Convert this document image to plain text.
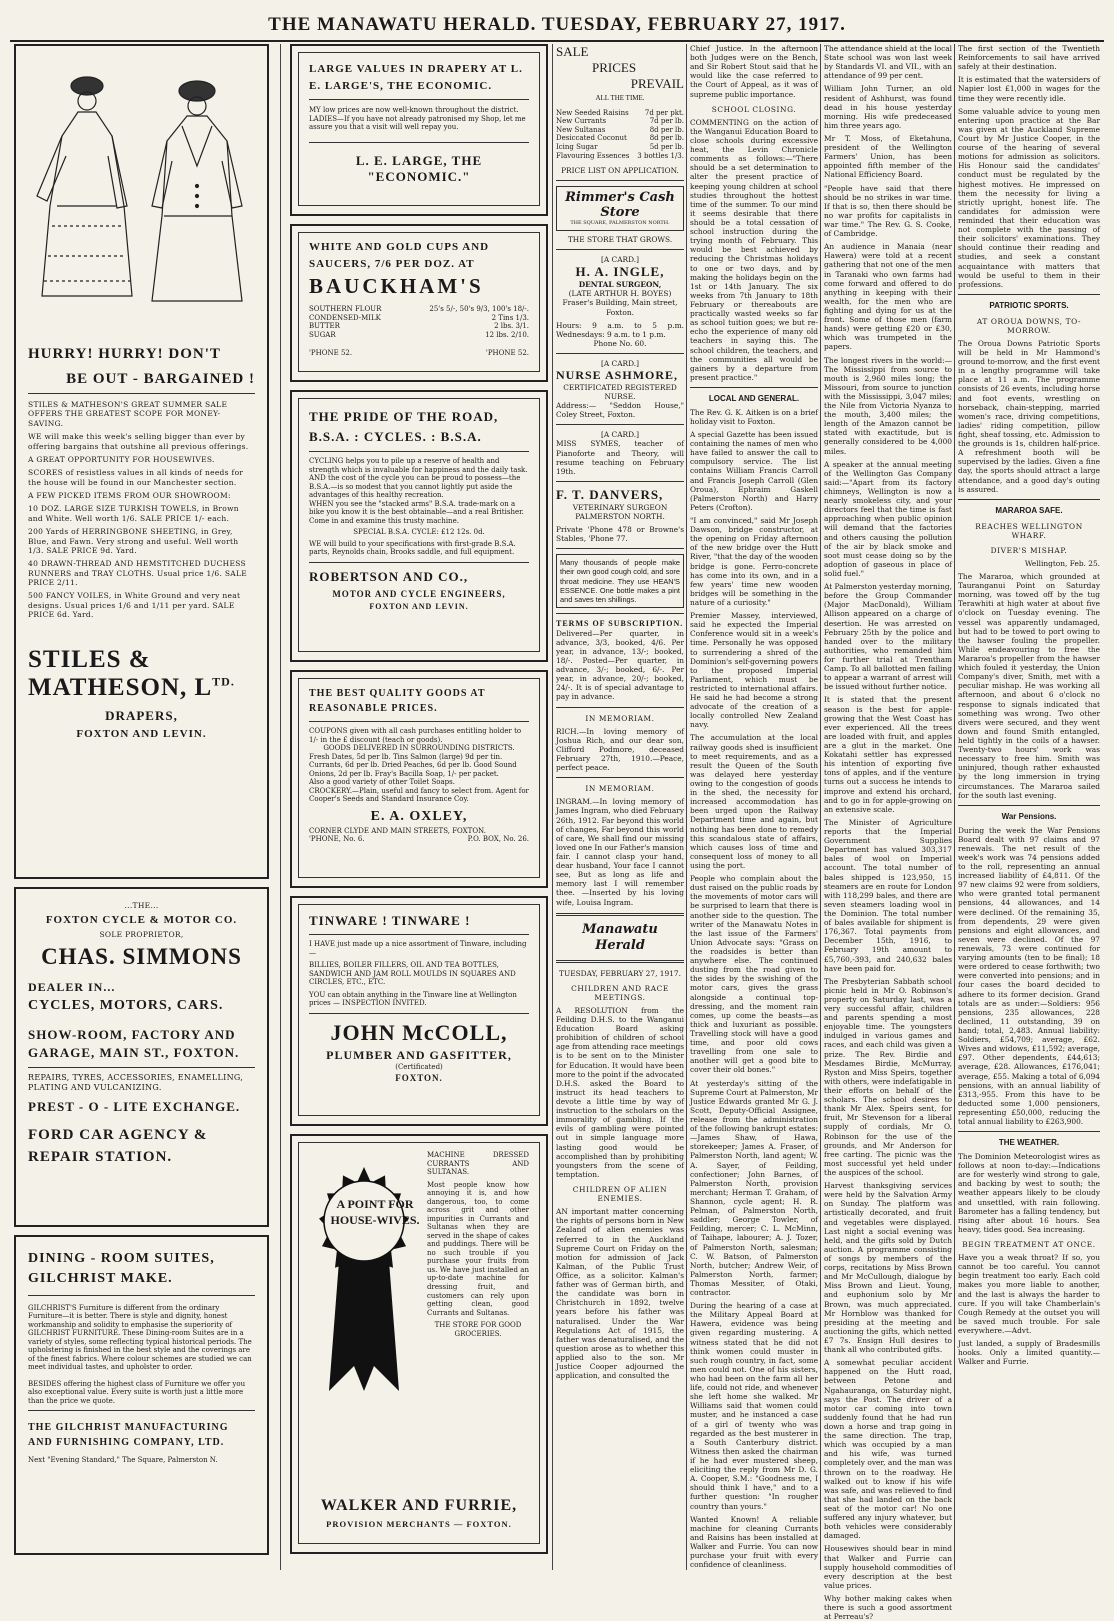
THE MANAWATU HERALD. TUESDAY, FEBRUARY 27, 1917.
HURRY! HURRY! DON'T
BE OUT - BARGAINED !

STILES & MATHESON'S GREAT SUMMER SALE OFFERS THE GREATEST SCOPE FOR MONEY-SAVING.

WE will make this week's selling bigger than ever by offering bargains that outshine all previous offerings.

A GREAT OPPORTUNITY FOR HOUSEWIVES.

SCORES of resistless values in all kinds of needs for the house will be found in our Manchester section.

A FEW PICKED ITEMS FROM OUR SHOWROOM:

10 DOZ. LARGE SIZE TURKISH TOWELS, in Brown and White. Well worth 1/6. SALE PRICE 1/- each.

200 Yards of HERRINGBONE SHEETING, in Grey, Blue, and Fawn. Very strong and useful. Well worth 1/3. SALE PRICE 9d. Yard.

40 DRAWN-THREAD AND HEMSTITCHED DUCHESS RUNNERS and TRAY CLOTHS. Usual price 1/6. SALE PRICE 2/11.

500 FANCY VOILES, in White Ground and very neat designs. Usual prices 1/6 and 1/11 per yard. SALE PRICE 6d. Yard.

STILES &
MATHESON, $L^{TD.}$
DRAPERS,
FOXTON AND LEVIN.
...THE...
FOXTON CYCLE & MOTOR CO.
SOLE PROPRIETOR,
CHAS. SIMMONS
DEALER IN...
CYCLES, MOTORS, CARS.
SHOW-ROOM, FACTORY AND GARAGE, MAIN ST., FOXTON.
REPAIRS, TYRES, ACCESSORIES, ENAMELLING, PLATING AND VULCANIZING.
PREST - O - LITE EXCHANGE.
FORD CAR AGENCY & REPAIR STATION.
DINING - ROOM SUITES, GILCHRIST MAKE.
GILCHRIST'S Furniture is different from the ordinary Furniture—it is better. There is style and dignity, honest workmanship and solidity to emphasise the superiority of GILCHRIST FURNITURE. These Dining-room Suites are in a variety of styles, some reflecting typical historical periods. The upholstering is finished in the best style and the coverings are of the finest fabrics. Where colour schemes are studied we can meet individual tastes, and upholster to order.
BESIDES offering the highest class of Furniture we offer you also exceptional value. Every suite is worth just a little more than the price we quote.
THE GILCHRIST MANUFACTURING AND FURNISHING COMPANY, LTD.
Next "Evening Standard," The Square, Palmerston N.
LARGE VALUES IN DRAPERY AT L. E. LARGE'S, THE ECONOMIC.
MY low prices are now well-known throughout the district. LADIES—If you have not already patronised my Shop, let me assure you that a visit will well repay you.
L. E. LARGE, THE "ECONOMIC."
WHITE AND GOLD CUPS AND SAUCERS, 7/6 PER DOZ. AT
BAUCKHAM'S
SOUTHERN FLOUR	25's 5/-, 50's 9/3, 100's 18/-.
CONDENSED-MILK	2 Tins 1/3.
BUTTER	2 lbs. 3/1.
SUGAR	12 lbs. 2/10.
'PHONE 52.	'PHONE 52.
THE PRIDE OF THE ROAD, B.S.A. : CYCLES. : B.S.A.
CYCLING helps you to pile up a reserve of health and strength which is invaluable for happiness and the daily task.
AND the cost of the cycle you can be proud to possess—the B.S.A.—is so modest that you cannot lightly put aside the advantages of this healthy recreation.
WHEN you see the "stacked arms" B.S.A. trade-mark on a bike you know it is the best obtainable—and a real Britisher. Come in and examine this trusty machine.
SPECIAL B.S.A. CYCLE: £12 12s. 0d.
WE will build to your specifications with first-grade B.S.A. parts, Reynolds chain, Brooks saddle, and full equipment.
ROBERTSON AND CO.,
MOTOR AND CYCLE ENGINEERS,
FOXTON AND LEVIN.
THE BEST QUALITY GOODS AT REASONABLE PRICES.
COUPONS given with all cash purchases entitling holder to 1/- in the £ discount (teach or goods).
GOODS DELIVERED IN SURROUNDING DISTRICTS.
Fresh Dates, 5d per lb. Tins Salmon (large) 9d per tin. Currants, 6d per lb. Dried Peaches, 6d per lb. Good Sound Onions, 2d per lb. Fray's Bacilla Soap, 1/- per packet.
Also a good variety of other Toilet Soaps.
CROCKERY.—Plain, useful and fancy to select from. Agent for Cooper's Seeds and Standard Insurance Coy.
E. A. OXLEY,
CORNER CLYDE AND MAIN STREETS, FOXTON.
'PHONE, No. 6.	P.O. BOX, No. 26.
TINWARE ! TINWARE !
I HAVE just made up a nice assortment of Tinware, including—
BILLIES, BOILER FILLERS, OIL AND TEA BOTTLES, SANDWICH AND JAM ROLL MOULDS IN SQUARES AND CIRCLES, ETC., ETC.
YOU can obtain anything in the Tinware line at Wellington prices — INSPECTION INVITED.
JOHN McCOLL,
PLUMBER AND GASFITTER,
(Certificated)
FOXTON.

MACHINE DRESSED CURRANTS AND SULTANAS.

Most people know how annoying it is, and how dangerous, too, to come across grit and other impurities in Currants and Sultanas when they are served in the shape of cakes and puddings. There will be no such trouble if you purchase your fruits from us. We have just installed an up-to-date machine for dressing fruit, and customers can rely upon getting clean, good Currants and Sultanas.

THE STORE FOR GOOD GROCERIES.

A POINT FOR HOUSE-WIVES.
WALKER AND FURRIE,
PROVISION MERCHANTS — FOXTON.
SALE
PRICES
PREVAIL
ALL THE TIME.
New Seeded Raisins 7d per pkt.
New Currants	7d per lb.
New Sultanas	8d per lb.
Desiccated Coconut	8d per lb.
Icing Sugar	5d per lb.
Flavouring Essences 3 bottles 1/3.
PRICE LIST ON APPLICATION.
Rimmer's Cash Store
THE SQUARE, PALMERSTON NORTH.
THE STORE THAT GROWS.
[A CARD.]
H. A. INGLE,
DENTAL SURGEON,
(LATE ARTHUR H. BOYES)
Fraser's Building, Main street, Foxton.
Hours: 9 a.m. to 5 p.m. Wednesdays: 9 a.m. to 1 p.m.
Phone No. 60.
[A CARD.]
NURSE ASHMORE,
CERTIFICATED REGISTERED NURSE.
Address:— "Seddon House," Coley Street, Foxton.
[A CARD.]
MISS SYMES, teacher of Pianoforte and Theory, will resume teaching on February 19th.
F. T. DANVERS,
VETERINARY SURGEON
PALMERSTON NORTH.
Private 'Phone 478 or Browne's Stables, 'Phone 77.
Many thousands of people make their own good cough cold, and sore throat medicine. They use HEAN'S ESSENCE. One bottle makes a pint and saves ten shillings.
TERMS OF SUBSCRIPTION.
Delivered—Per quarter, in advance, 3/3, booked, 4/6. Per year, in advance, 13/-; booked, 18/-. Posted—Per quarter, in advance, 3/-; booked, 6/-. Per year, in advance, 20/-; booked, 24/-. It is of special advantage to pay in advance.
IN MEMORIAM.
RICH.—In loving memory of Joshua Rich, and our dear son, Clifford Podmore, deceased February 27th, 1910.—Peace, perfect peace.
IN MEMORIAM.
INGRAM.—In loving memory of James Ingram, who died February 26th, 1912. Far beyond this world of changes, Far beyond this world of care, We shall find our missing loved one In our Father's mansion fair. I cannot clasp your hand, dear husband, Your face I cannot see, But as long as life and memory last I will remember thee. —Inserted by his loving wife, Louisa Ingram.
Manawatu Herald
TUESDAY, FEBRUARY 27, 1917.
CHILDREN AND RACE MEETINGS.
A RESOLUTION from the Feilding D.H.S. to the Wanganui Education Board asking prohibition of children of school age from attending race meetings is to be sent on to the Minister for Education. It would have been more to the point if the advocated D.H.S. asked the Board to instruct its head teachers to devote a little time by way of instruction to the scholars on the immorality of gambling. If the evils of gambling were pointed out in simple language more lasting good would be accomplished than by prohibiting youngsters from the scene of temptation.
CHILDREN OF ALIEN ENEMIES.
AN important matter concerning the rights of persons born in New Zealand of alien enemies was referred to in the Auckland Supreme Court on Friday on the motion for admission of Jack Kalman, of the Public Trust Office, as a solicitor. Kalman's father was of German birth, and the candidate was born in Christchurch in 1892, twelve years before his father was naturalised. Under the War Regulations Act of 1915, the father was denaturalised, and the question arose as to whether this applied also to the son. Mr Justice Cooper adjourned the application, and consulted the

Chief Justice. In the afternoon both Judges were on the Bench, and Sir Robert Stout said that he would like the case referred to the Court of Appeal, as it was of supreme public importance.

SCHOOL CLOSING.

COMMENTING on the action of the Wanganui Education Board to close schools during excessive heat, the Levin Chronicle comments as follows:—"There should be a set determination to alter the present practice of keeping young children at school studies throughout the hottest time of the summer. To our mind it seems desirable that there should be a total cessation of school instruction during the trying month of February. This would be best achieved by reducing the Christmas holidays to one or two days, and by making the holidays begin on the 1st or 14th January. The six weeks from 7th January to 18th February or thereabouts are practically wasted weeks so far as school tuition goes; we but re-echo the experience of many old teachers in saying this. The school children, the teachers, and the communities all would be gainers by a departure from present practice."

LOCAL AND GENERAL.

The Rev. G. K. Aitken is on a brief holiday visit to Foxton.

A special Gazette has been issued containing the names of men who have failed to answer the call to compulsory service. The list contains William Francis Carroll and Francis Joseph Carroll (Glen Oroua), Ephraim Gaskell (Palmerston North) and Harry Peters (Crofton).

"I am convinced," said Mr Joseph Dawson, bridge constructor, at the opening on Friday afternoon of the new bridge over the Hutt River, "that the day of the wooden bridge is gone. Ferro-concrete has come into its own, and in a few years' time new wooden bridges will be something in the nature of a curiosity."

Premier Massey, interviewed, said he expected the Imperial Conference would sit in a week's time. Personally he was opposed to surrendering a shred of the Dominion's self-governing powers to the proposed Imperial Parliament, which must be restricted to international affairs. He said he had become a strong advocate of the creation of a locally controlled New Zealand navy.

The accumulation at the local railway goods shed is insufficient to meet requirements, and as a result the Queen of the South was delayed here yesterday owing to the congestion of goods in the shed, the necessity for increased accommodation has been urged upon the Railway Department time and again, but nothing has been done to remedy this scandalous state of affairs, which causes loss of time and consequent loss of money to all using the port.

People who complain about the dust raised on the public roads by the movements of motor cars will be surprised to learn that there is another side to the question. The writer of the Manawatu Notes in the last issue of the Farmers' Union Advocate says: "Grass on the roadsides is better than anywhere else. The continued dusting from the road given to the sides by the swishing of the motor cars, gives the grass alongside a continual top-dressing, and the moment rain comes, up come the beasts—as thick and luxuriant as possible. Travelling stock will have a good time, and poor old cows travelling from one sale to another will get a good bite to cover their old bones."

At yesterday's sitting of the Supreme Court at Palmerston, Mr Justice Edwards granted Mr G. J. Scott, Deputy-Official Assignee, release from the administration of the following bankrupt estates:—James Shaw, of Hawa, storekeeper; James A. Fraser, of Palmerston North, land agent; W. A. Sayer, of Feilding, confectioner; John Barnes, of Palmerston North, provision merchant; Herman T. Graham, of Shannon, cycle agent; H. R. Pelman, of Palmerston North, saddler; George Towler, of Feilding, mercer; C. L. McMinn, of Taihape, labourer; A. J. Tozer, of Palmerston North, salesman; C. W. Batson, of Palmerston North, butcher; Andrew Weir, of Palmerston North, farmer; Thomas Messiter, of Otaki, contractor.

During the hearing of a case at the Military Appeal Board at Hawera, evidence was being given regarding mustering. A witness stated that he did not think women could muster in such rough country, in fact, some men could not. One of his sisters, who had been on the farm all her life, could not ride, and whenever she left home she walked. Mr Williams said that women could muster, and he instanced a case of a girl of twenty who was regarded as the best musterer in a South Canterbury district. Witness then asked the chairman if he had ever mustered sheep, eliciting the reply from Mr D. G. A. Cooper, S.M.: "Goodness me, I should think I have," and to a further question: "In rougher country than yours."

Wanted Known! A reliable machine for cleaning Currants and Raisins has been installed at Walker and Furrie. You can now purchase your fruit with every confidence of cleanliness.

The attendance shield at the local State school was won last week by Standards VI. and VII., with an attendance of 99 per cent.

William John Turner, an old resident of Ashhurst, was found dead in his house yesterday morning. His wife predeceased him three years ago.

Mr T. Moss, of Eketahuna, president of the Wellington Farmers' Union, has been appointed fifth member of the National Efficiency Board.

"People have said that there should be no strikes in war time. If that is so, then there should be no war profits for capitalists in war time." The Rev. G. S. Cooke, of Cambridge.

An audience in Manaia (near Hawera) were told at a recent gathering that not one of the men in Taranaki who own farms had come forward and offered to do anything in keeping with their wealth, for the men who are fighting and dying for us at the front. Some of those men (farm hands) were getting £20 or £30, which was trumpeted in the papers.

The longest rivers in the world:—The Mississippi from source to mouth is 2,960 miles long; the Missouri, from source to junction with the Mississippi, 3,047 miles; the Nile from Victoria Nyanza to the mouth, 3,400 miles; the length of the Amazon cannot be stated with exactitude, but is generally considered to be 4,000 miles.

A speaker at the annual meeting of the Wellington Gas Company said:—"Apart from its factory chimneys, Wellington is now a nearly smokeless city, and your directors feel that the time is fast approaching when public opinion will demand that the factories and others causing the pollution of the air by black smoke and soot must cease doing so by the adoption of gaseous in place of solid fuel."

At Palmerston yesterday morning, before the Group Commander (Major MacDonald), William Allison appeared on a charge of desertion. He was arrested on February 25th by the police and handed over to the military authorities, who remanded him for further trial at Trentham Camp. To all ballotted men failing to appear a warrant of arrest will be issued without further notice.

It is stated that the present season is the best for apple-growing that the West Coast has ever experienced. All the trees are loaded with fruit, and apples are a glut in the market. One Kokatahi settler has expressed his intention of exporting five tons of apples, and if the venture turns out a success he intends to improve and extend his orchard, and to go in for apple-growing on an extensive scale.

The Minister of Agriculture reports that the Imperial Government Supplies Department has valued 303,317 bales of wool on Imperial account. The total number of bales shipped is 123,950, 15 steamers are en route for London with 118,299 bales, and there are seven steamers loading wool in the Dominion. The total number of bales available for shipment is 176,367. Total payments from December 15th, 1916, to February 19th amount to £5,760,-393, and 240,632 bales have been paid for.

The Presbyterian Sabbath school picnic held in Mr O. Robinson's property on Saturday last, was a very successful affair, children and parents spending a most enjoyable time. The youngsters indulged in various games and races, and each child was given a prize. The Rev. Birdie and Mesdames Birdie, McMurray, Ryston and Miss Speirs, together with others, were indefatigable in their efforts on behalf of the scholars. The school desires to thank Mr Alex. Speirs sent, for fruit, Mr Stevenson for a liberal supply of cordials, Mr O. Robinson for the use of the grounds, and Mr Anderson for free carting. The picnic was the most successful yet held under the auspices of the school.

Harvest thanksgiving services were held by the Salvation Army on Sunday. The platform was artistically decorated, and fruit and vegetables were displayed. Last night a social evening was held, and the gifts sold by Dutch auction. A programme consisting of songs by members of the corps, recitations by Miss Brown and Mr McCullough, dialogue by Miss Brown and Lieut. Young, and euphonium solo by Mr Brown, was much appreciated. Mr Hornblow was thanked for presiding at the meeting and auctioning the gifts, which netted £7 7s. Ensign Hull desires to thank all who contributed gifts.

A somewhat peculiar accident happened on the Hutt road, between Petone and Ngahauranga, on Saturday night, says the Post. The driver of a motor car coming into town suddenly found that he had run down a horse and trap going in the same direction. The trap, which was occupied by a man and his wife, was turned completely over, and the man was thrown on to the roadway. He walked out to know if his wife was safe, and was relieved to find that she had landed on the back seat of the motor car! No one suffered any injury whatever, but both vehicles were considerably damaged.

Housewives should bear in mind that Walker and Furrie can supply household commodities of every description at the best value prices.

Why bother making cakes when there is such a good assortment at Perreau's?

The first section of the Twentieth Reinforcements to sail have arrived safely at their destination.

It is estimated that the watersiders of Napier lost £1,000 in wages for the time they were recently idle.

Some valuable advice to young men entering upon practice at the Bar was given at the Auckland Supreme Court by Mr Justice Cooper, in the course of the hearing of several motions for admission as solicitors. His Honour said the candidates' conduct must be regulated by the highest motives. He impressed on them the necessity for living a strictly upright, honest life. The candidates for admission were reminded that their education was not complete with the passing of their solicitors' examinations. They should continue their reading and studies, and seek a constant acquaintance with matters that would be useful to them in their professions.

PATRIOTIC SPORTS.
AT OROUA DOWNS, TO-MORROW.

The Oroua Downs Patriotic Sports will be held in Mr Hammond's ground to-morrow, and the first event in a lengthy programme will take place at 11 a.m. The programme consists of 26 events, including horse and foot events, wrestling on horseback, chain-stepping, married women's race, driving competitions, ladies' riding competition, pillow fight, sheaf tossing, etc. Admission to the grounds is 1s, children half-price. A refreshment booth will be supervised by the ladies. Given a fine day, the sports should attract a large attendance, and a good day's outing is assured.

MARAROA SAFE.
REACHES WELLINGTON WHARF.
DIVER'S MISHAP.

Wellington, Feb. 25.

The Mararoa, which grounded at Tauranganui Point on Saturday morning, was towed off by the tug Terawhiti at high water at about five o'clock on Tuesday evening. The vessel was apparently undamaged, but had to be towed to port owing to the hawser fouling the propeller. While endeavouring to free the Mararoa's propeller from the hawser which fouled it yesterday, the Union Company's diver, Smith, met with a peculiar mishap. He was working all afternoon, and about 6 o'clock no response to signals indicated that something was wrong. Two other divers were secured, and they went down and found Smith entangled, held tightly in the coils of a hawser. Twenty-two hours' work was necessary to free him. Smith was uninjured, though rather exhausted by the long immersion in trying circumstances. The Mararoa sailed for the south last evening.

War Pensions.

During the week the War Pensions Board dealt with 97 claims and 97 renewals. The net result of the week's work was 74 pensions added to the roll, representing an annual increased liability of £4,811. Of the 97 new claims 92 were from soldiers, who were granted total permanent pensions, 44 allowances, and 14 were declined. Of the remaining 35, from dependents, 29 were given pensions and eight allowances, and seven were declined. Of the 97 renewals, 73 were continued for varying amounts (ten to be final); 18 were ordered to cease forthwith; two were converted into pensions; and in four cases the board decided to adhere to its former decision. Grand totals are as under:—Soldiers: 956 pensions, 235 allowances, 228 declined, 11 outstanding, 39 on hand; total, 2,483. Annual liability: Soldiers, £54,709; average, £62. Wives and widows, £11,592; average, £97. Other dependents, £44,613; average, £28. Allowances, £176,041; average, £55. Making a total of 6,094 pensions, with an annual liability of £313,-955. From this have to be deducted some 1,000 pensioners, representing £50,000, reducing the total annual liability to £263,900.

THE WEATHER.

The Dominion Meteorologist wires as follows at noon to-day:—Indications are for westerly wind strong to gale, and backing by west to south; the weather appears likely to be cloudy and unsettled, with rain following. Barometer has a falling tendency, but rising after about 16 hours. Sea heavy, tides good. Sea increasing.

BEGIN TREATMENT AT ONCE.

Have you a weak throat? If so, you cannot be too careful. You cannot begin treatment too early. Each cold makes you more liable to another, and the last is always the harder to cure. If you will take Chamberlain's Cough Remedy at the outset you will be saved much trouble. For sale everywhere.—Advt.

Just landed, a supply of Bradesmills hooks. Only a limited quantity.—Walker and Furrie.
